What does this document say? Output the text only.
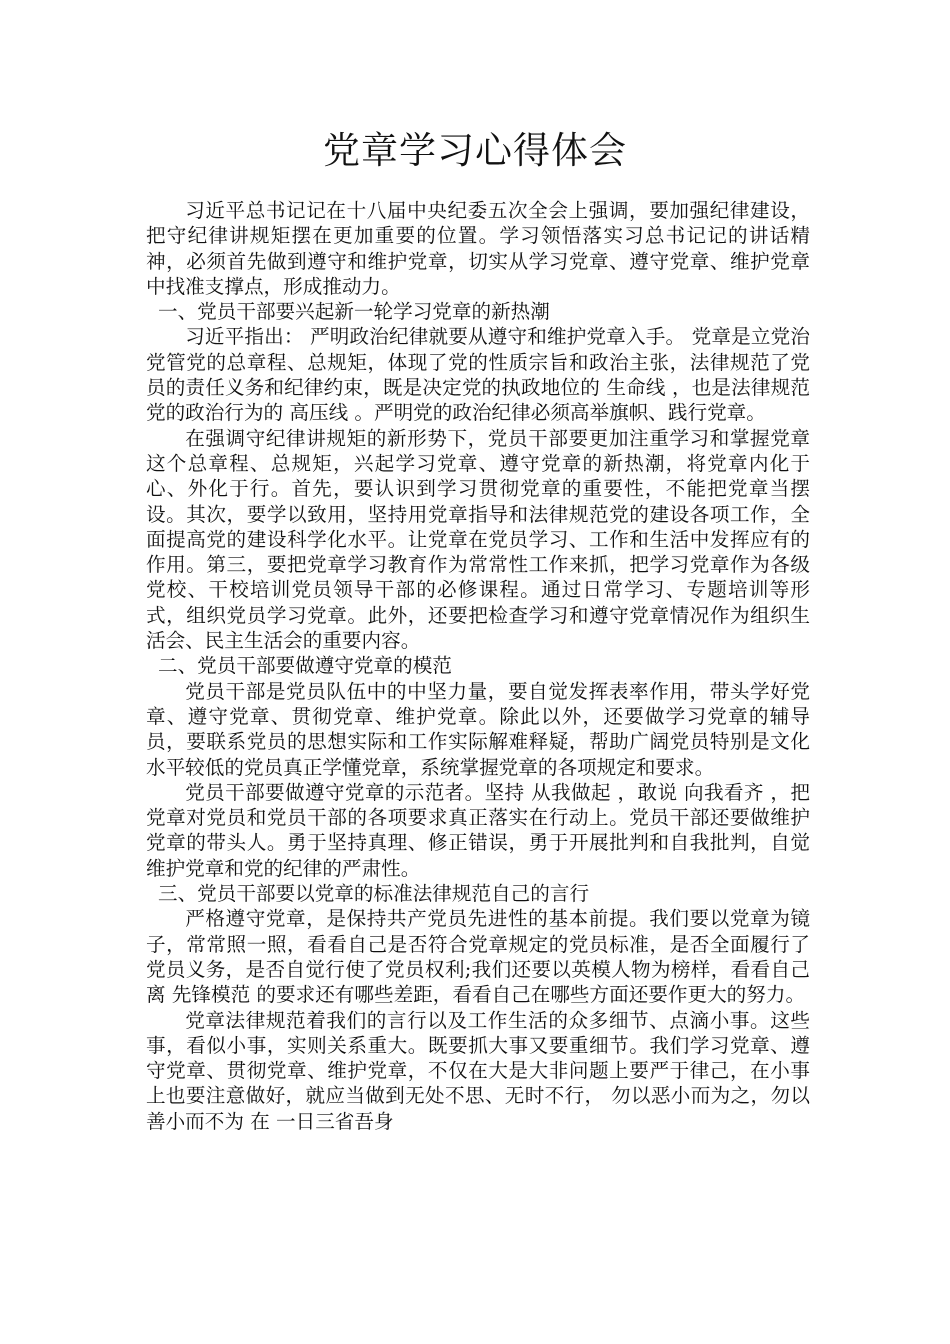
党章学习心得体会

习近平总书记记在十八届中央纪委五次全会上强调，要加强纪律建设，把守纪律讲规矩摆在更加重要的位置。学习领悟落实习总书记记的讲话精神，必须首先做到遵守和维护党章，切实从学习党章、遵守党章、维护党章中找准支撑点，形成推动力。

一、党员干部要兴起新一轮学习党章的新热潮

习近平指出： 严明政治纪律就要从遵守和维护党章入手。 党章是立党治党管党的总章程、总规矩，体现了党的性质宗旨和政治主张，法律规范了党员的责任义务和纪律约束，既是决定党的执政地位的 生命线 ，也是法律规范党的政治行为的 高压线 。严明党的政治纪律必须高举旗帜、践行党章。

在强调守纪律讲规矩的新形势下，党员干部要更加注重学习和掌握党章这个总章程、总规矩，兴起学习党章、遵守党章的新热潮，将党章内化于心、外化于行。首先，要认识到学习贯彻党章的重要性，不能把党章当摆设。其次，要学以致用，坚持用党章指导和法律规范党的建设各项工作，全面提高党的建设科学化水平。让党章在党员学习、工作和生活中发挥应有的作用。第三，要把党章学习教育作为常常性工作来抓，把学习党章作为各级党校、干校培训党员领导干部的必修课程。通过日常学习、专题培训等形式，组织党员学习党章。此外，还要把检查学习和遵守党章情况作为组织生活会、民主生活会的重要内容。

二、党员干部要做遵守党章的模范

党员干部是党员队伍中的中坚力量，要自觉发挥表率作用，带头学好党章、遵守党章、贯彻党章、维护党章。除此以外，还要做学习党章的辅导员，要联系党员的思想实际和工作实际解难释疑，帮助广阔党员特别是文化水平较低的党员真正学懂党章，系统掌握党章的各项规定和要求。

党员干部要做遵守党章的示范者。坚持 从我做起 ，敢说 向我看齐 ，把党章对党员和党员干部的各项要求真正落实在行动上。党员干部还要做维护党章的带头人。勇于坚持真理、修正错误，勇于开展批判和自我批判，自觉维护党章和党的纪律的严肃性。

三、党员干部要以党章的标准法律规范自己的言行

严格遵守党章，是保持共产党员先进性的基本前提。我们要以党章为镜子，常常照一照，看看自己是否符合党章规定的党员标准，是否全面履行了党员义务，是否自觉行使了党员权利;我们还要以英模人物为榜样，看看自己离 先锋模范 的要求还有哪些差距，看看自己在哪些方面还要作更大的努力。

党章法律规范着我们的言行以及工作生活的众多细节、点滴小事。这些事，看似小事，实则关系重大。既要抓大事又要重细节。我们学习党章、遵守党章、贯彻党章、维护党章，不仅在大是大非问题上要严于律己，在小事上也要注意做好，就应当做到无处不思、无时不行， 勿以恶小而为之，勿以善小而不为 在 一日三省吾身
